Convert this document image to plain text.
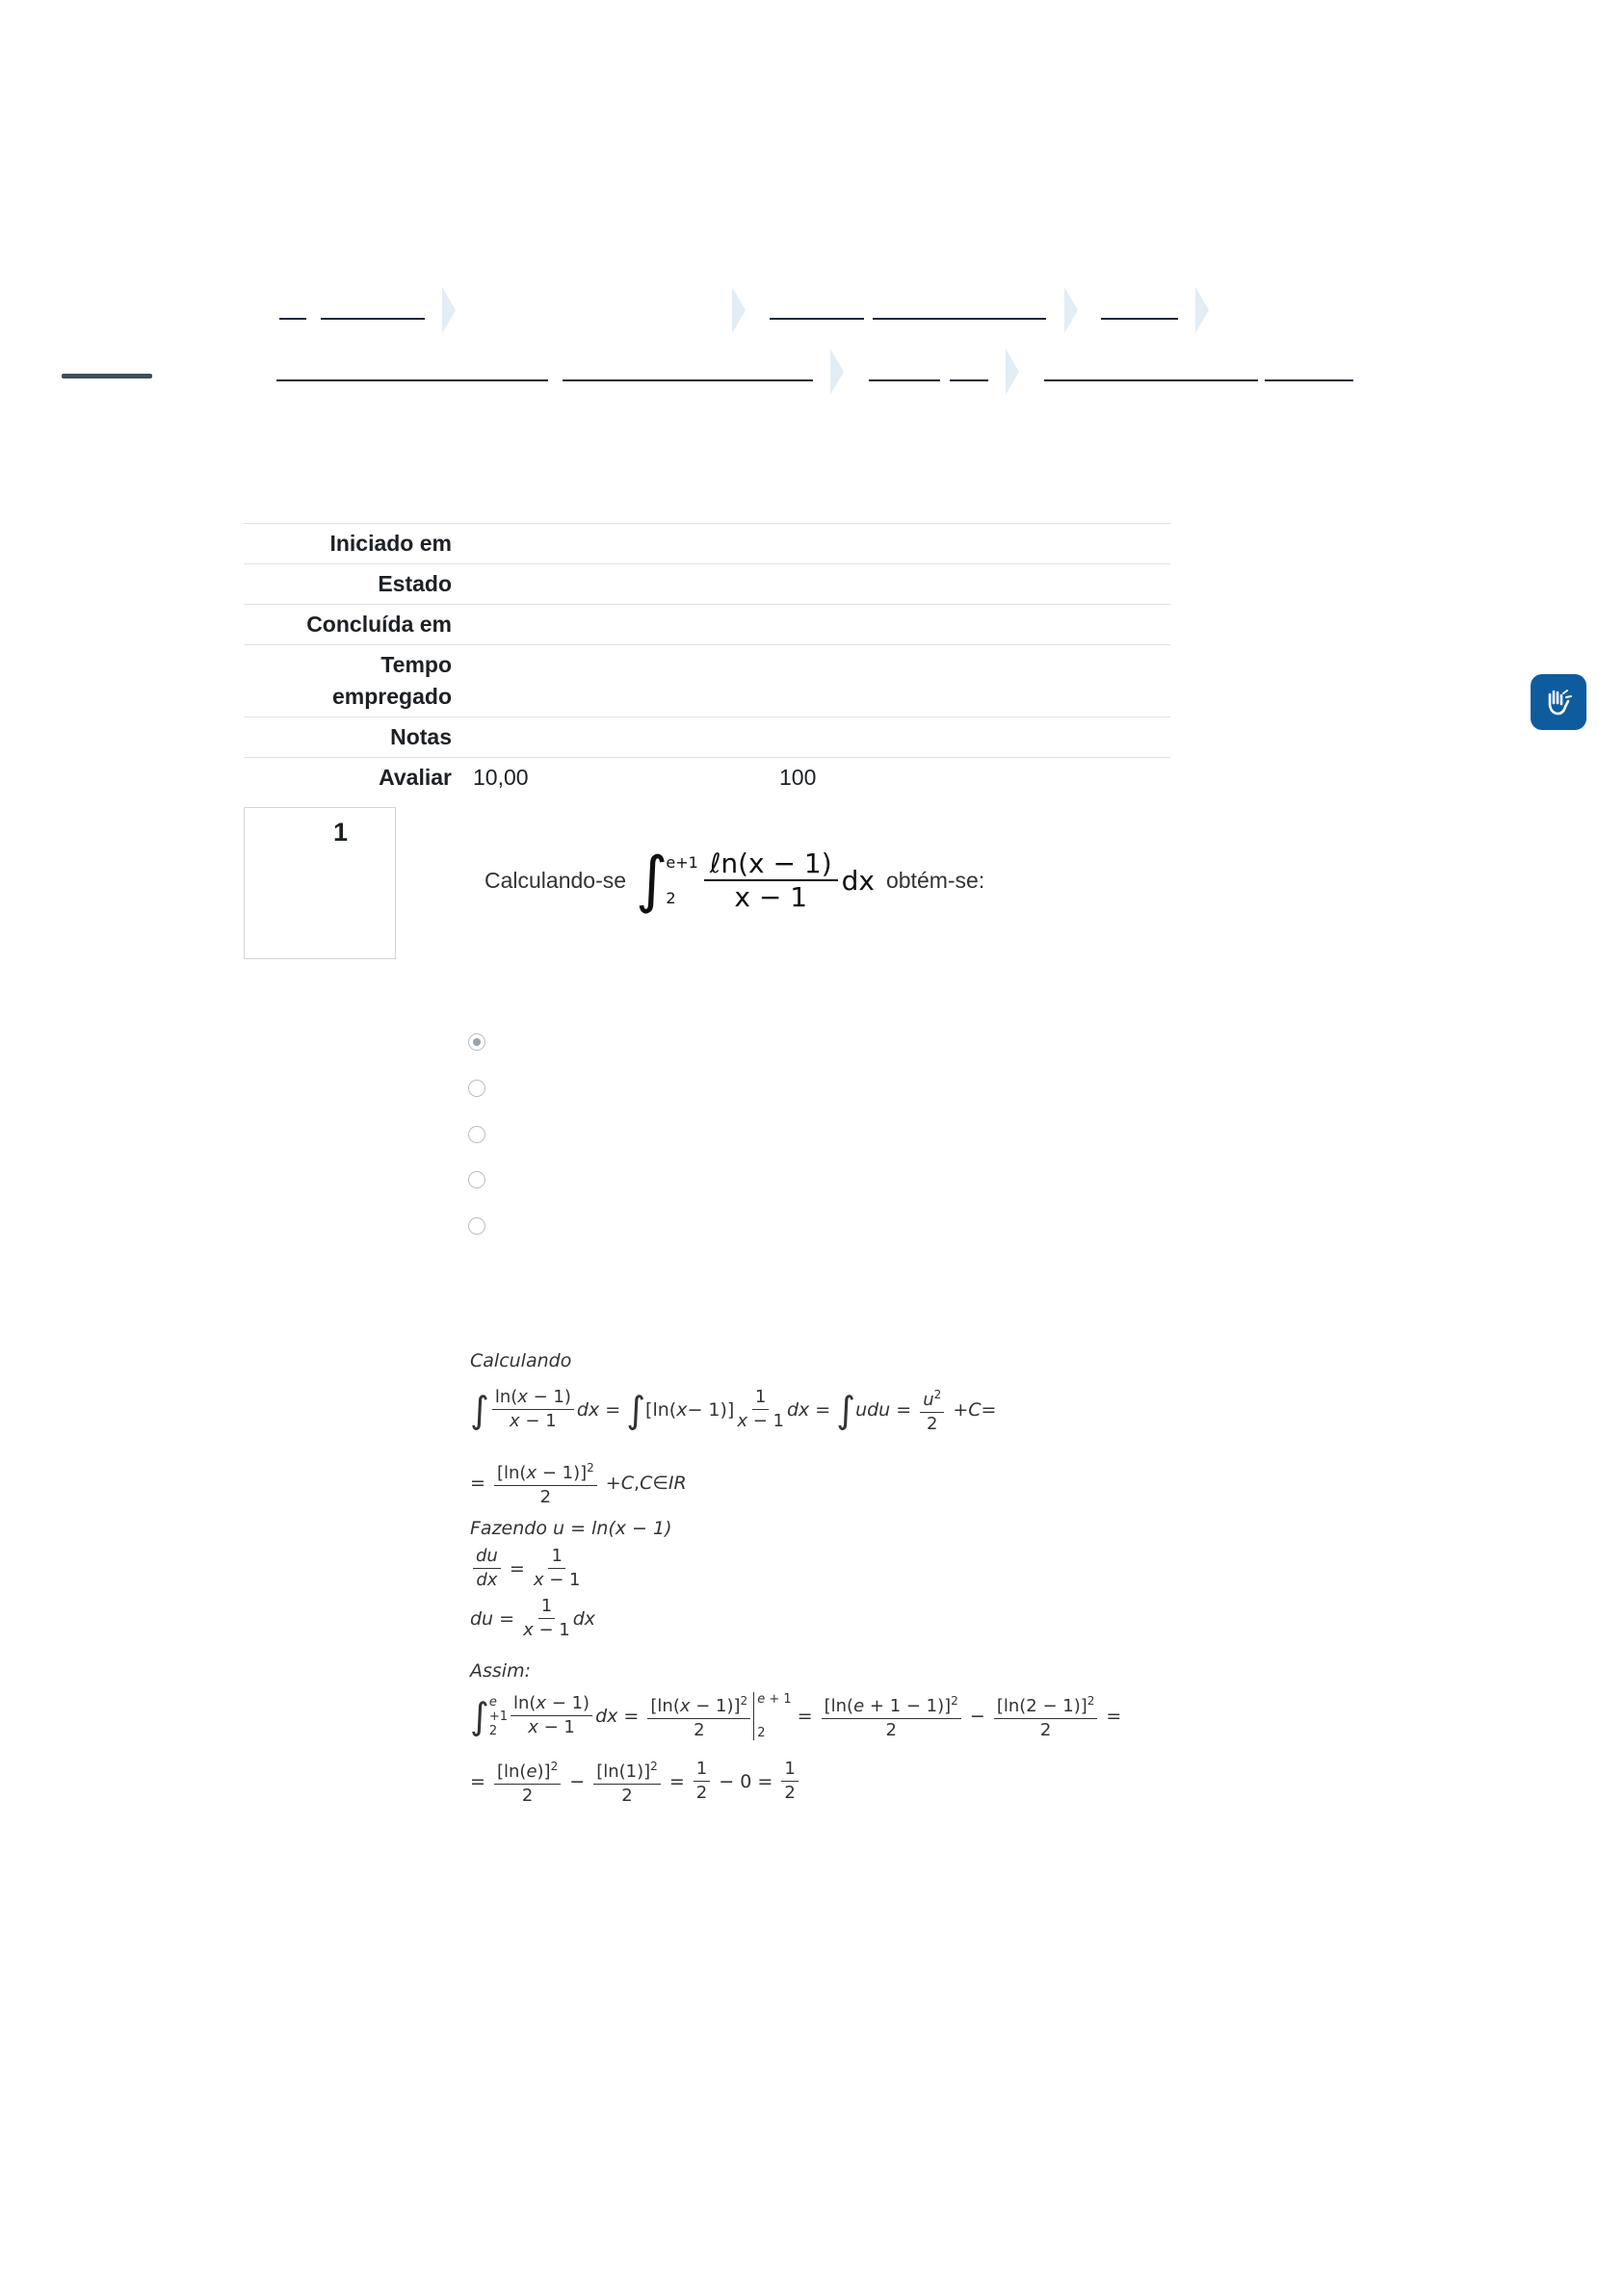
Iniciado em
Estado
Concluída em
Tempo empregado
Notas
Avaliar 10,00	100
1
Calculando-se ∫
e+1
2	$\frac{\text{ℓn(x − 1)}}{x - 1}$ dx obtém-se:
Calculando
∫ $\frac{\ln(x - 1)}{x - 1}$ dx = ∫ [ln( $x - 1)] \frac{1}{x - 1}$ dx = ∫ udu = $\frac{u^2}{2} + C$ =
= $\frac{[\ln(x - 1)]^2}{2} + C$ , C ∈ IR
Fazendo u = ln(x − 1)
$\frac{du}{dx} = \frac{1}{x - 1}$
du = $\frac{1}{x - 1}$ dx
Assim:
∫ e
+1
$2 \frac{\ln(x - 1)}{x - 1}$ dx = $\frac{[\ln(x - 1)]^2}{2}$ e + 1
2
= $\frac{[\ln(e + 1 - 1)]^2}{2} - \frac{[\ln(2 - 1)]^2}{2}$ =
= $\frac{[\ln(e)]^2}{2} - \frac{[\ln(1)]^2}{2} = \frac{1}{2} - 0 = \frac{1}{2}$
